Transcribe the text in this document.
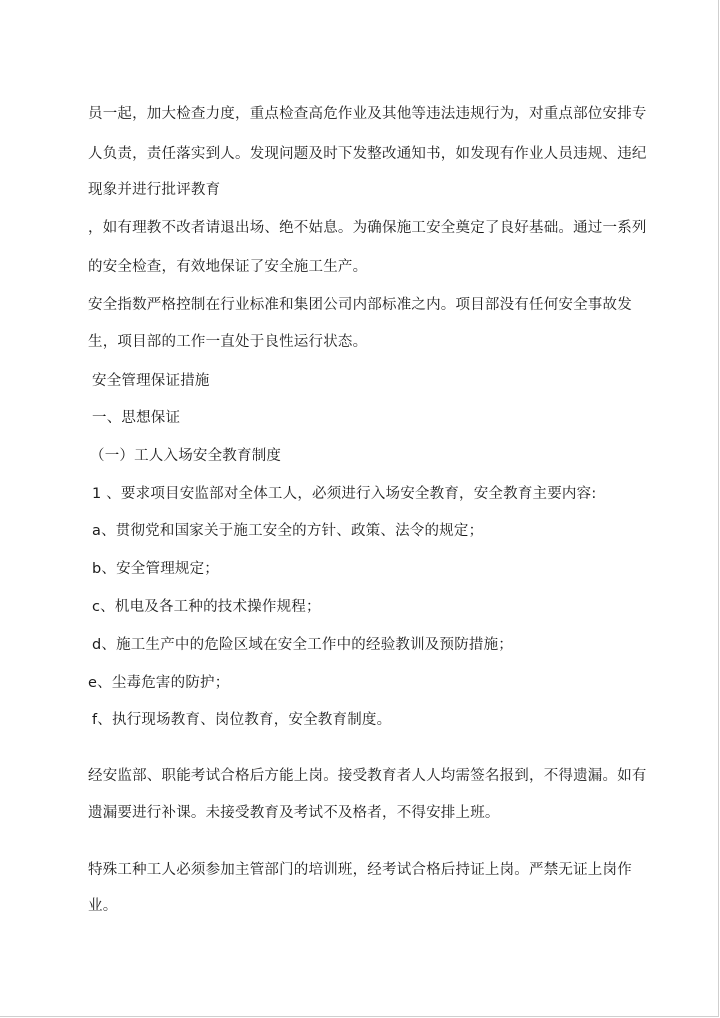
员一起，加大检查力度，重点检查高危作业及其他等违法违规行为，对重点部位安排专
人负责，责任落实到人。发现问题及时下发整改通知书，如发现有作业人员违规、违纪
现象并进行批评教育
，如有理教不改者请退出场、绝不姑息。为确保施工安全奠定了良好基础。通过一系列
的安全检查，有效地保证了安全施工生产。
安全指数严格控制在行业标准和集团公司内部标准之内。项目部没有任何安全事故发
生，项目部的工作一直处于良性运行状态。
安全管理保证措施
一、思想保证
（一）工人入场安全教育制度
1 、要求项目安监部对全体工人，必须进行入场安全教育，安全教育主要内容:
a、贯彻党和国家关于施工安全的方针、政策、法令的规定；
b、安全管理规定；
c、机电及各工种的技术操作规程；
d、施工生产中的危险区域在安全工作中的经验教训及预防措施；
e、尘毒危害的防护；
f、执行现场教育、岗位教育，安全教育制度。
经安监部、职能考试合格后方能上岗。接受教育者人人均需签名报到，不得遗漏。如有
遗漏要进行补课。未接受教育及考试不及格者，不得安排上班。
特殊工种工人必须参加主管部门的培训班，经考试合格后持证上岗。严禁无证上岗作
业。
